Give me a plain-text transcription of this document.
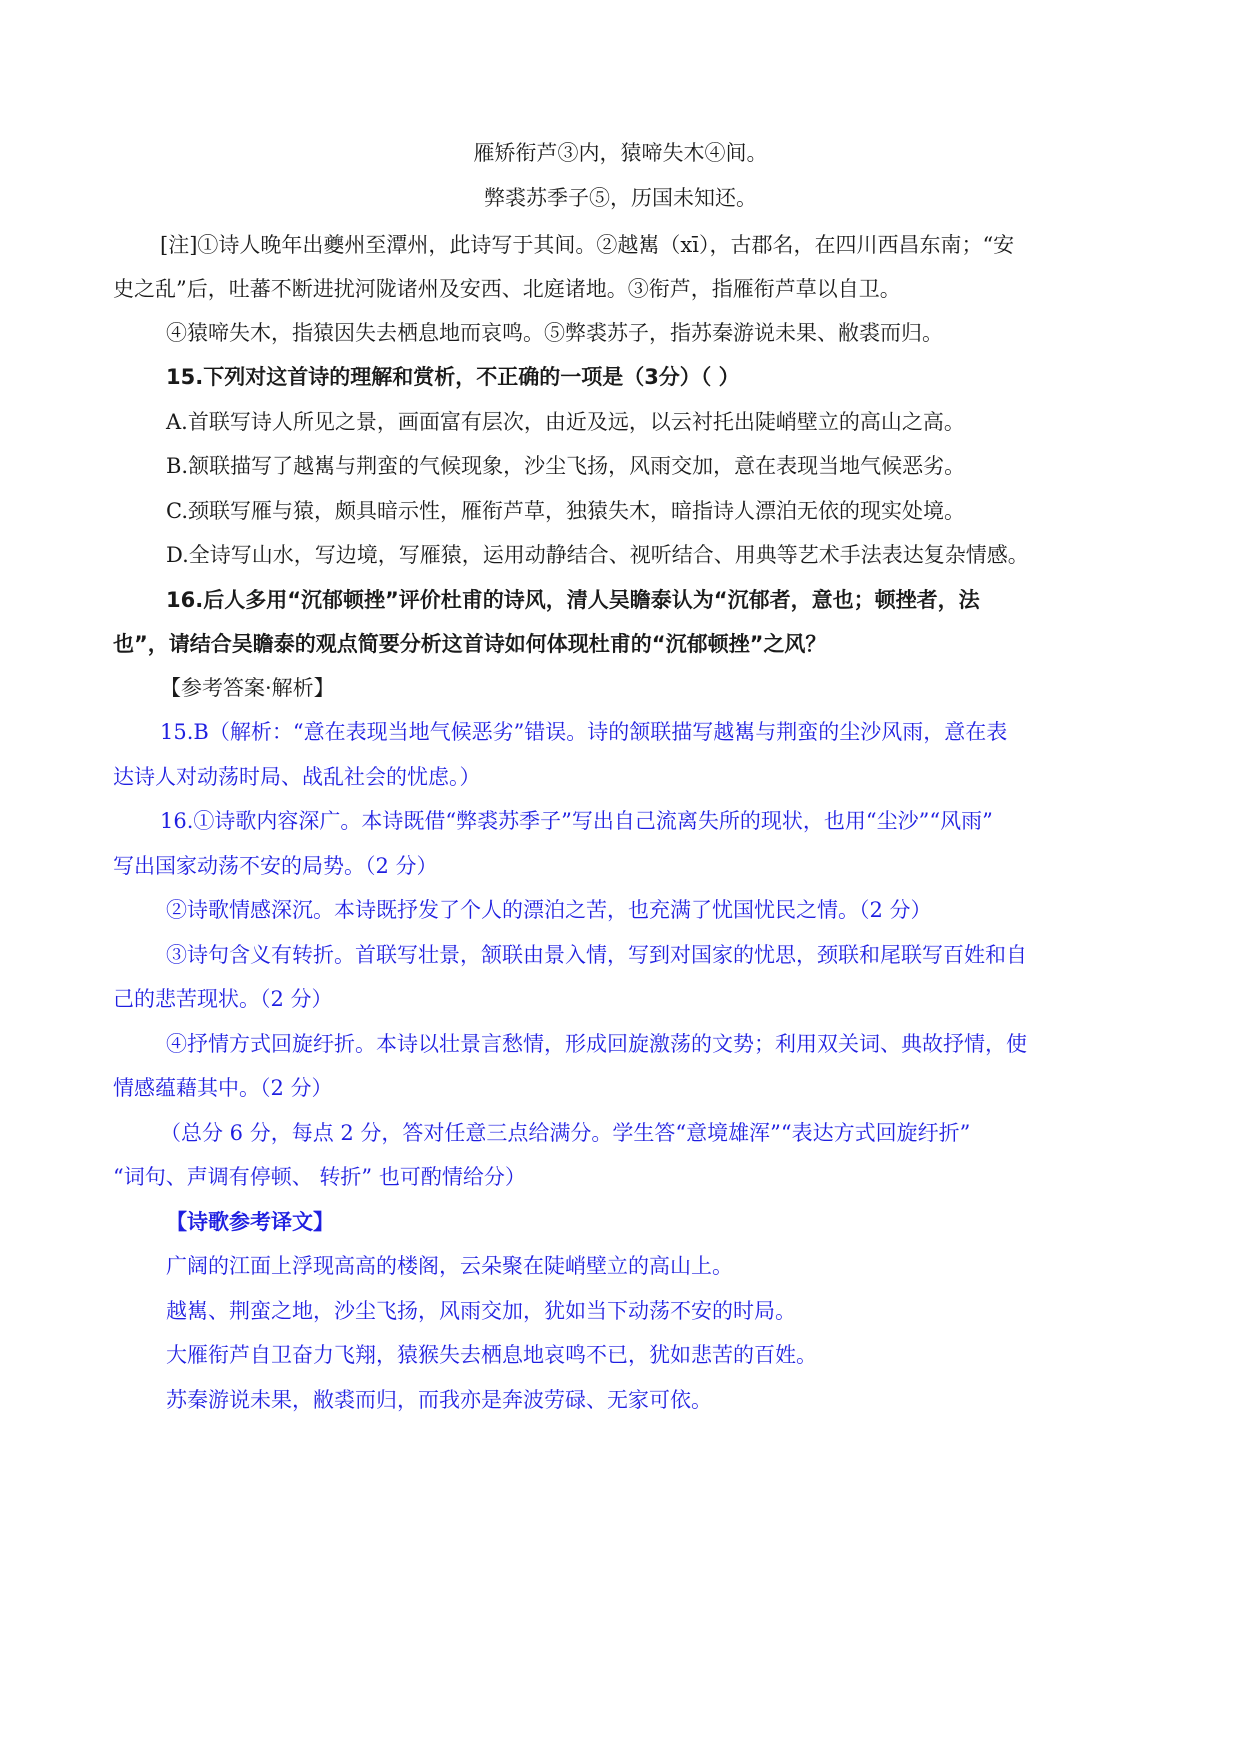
雁矫衔芦③内，猿啼失木④间。
弊裘苏季子⑤，历国未知还。
[注]①诗人晚年出夔州至潭州，此诗写于其间。②越嶲（xī），古郡名，在四川西昌东南；“安
史之乱”后，吐蕃不断进扰河陇诸州及安西、北庭诸地。③衔芦，指雁衔芦草以自卫。
④猿啼失木，指猿因失去栖息地而哀鸣。⑤弊裘苏子，指苏秦游说未果、敝裘而归。
15.下列对这首诗的理解和赏析，不正确的一项是（3分）（ ）
A.首联写诗人所见之景，画面富有层次，由近及远，以云衬托出陡峭壁立的高山之高。
B.颔联描写了越嶲与荆蛮的气候现象，沙尘飞扬，风雨交加，意在表现当地气候恶劣。
C.颈联写雁与猿，颇具暗示性，雁衔芦草，独猿失木，暗指诗人漂泊无依的现实处境。
D.全诗写山水，写边境，写雁猿，运用动静结合、视听结合、用典等艺术手法表达复杂情感。
16.后人多用“沉郁顿挫”评价杜甫的诗风，清人吴瞻泰认为“沉郁者，意也；顿挫者，法
也”，请结合吴瞻泰的观点简要分析这首诗如何体现杜甫的“沉郁顿挫”之风？
【参考答案·解析】
15.B（解析：“意在表现当地气候恶劣”错误。诗的颔联描写越嶲与荆蛮的尘沙风雨，意在表
达诗人对动荡时局、战乱社会的忧虑。）
16.①诗歌内容深广。本诗既借“弊裘苏季子”写出自己流离失所的现状，也用“尘沙”“风雨”
写出国家动荡不安的局势。（2 分）
②诗歌情感深沉。本诗既抒发了个人的漂泊之苦，也充满了忧国忧民之情。（2 分）
③诗句含义有转折。首联写壮景，颔联由景入情，写到对国家的忧思，颈联和尾联写百姓和自
己的悲苦现状。（2 分）
④抒情方式回旋纡折。本诗以壮景言愁情，形成回旋激荡的文势；利用双关词、典故抒情，使
情感蕴藉其中。（2 分）
（总分 6 分，每点 2 分，答对任意三点给满分。学生答“意境雄浑”“表达方式回旋纡折”
“词句、声调有停顿、 转折” 也可酌情给分）
【诗歌参考译文】
广阔的江面上浮现高高的楼阁，云朵聚在陡峭壁立的高山上。
越嶲、荆蛮之地，沙尘飞扬，风雨交加，犹如当下动荡不安的时局。
大雁衔芦自卫奋力飞翔，猿猴失去栖息地哀鸣不已，犹如悲苦的百姓。
苏秦游说未果，敝裘而归，而我亦是奔波劳碌、无家可依。
